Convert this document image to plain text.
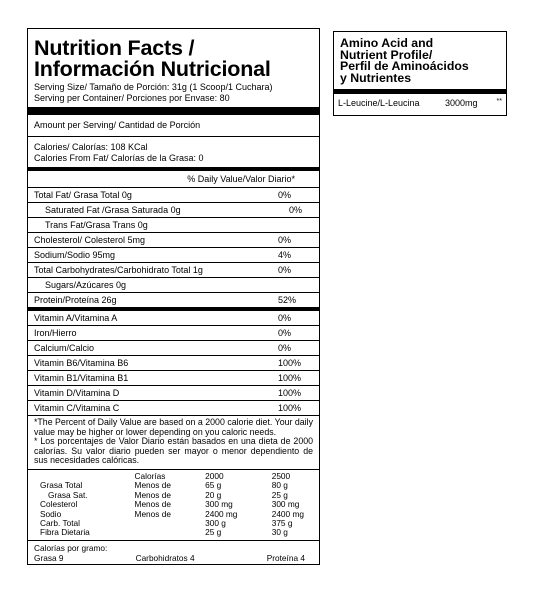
Nutrition Facts /
Información Nutricional
Serving Size/ Tamaño de Porción: 31g (1 Scoop/1 Cuchara)
Serving per Container/ Porciones por Envase: 80
Amount per Serving/ Cantidad de Porción
Calories/ Calorías: 108 KCal
Calories From Fat/ Calorías de la Grasa: 0
% Daily Value/Valor Diario*
Total Fat/ Grasa Total 0g	0%
Saturated Fat /Grasa Saturada 0g	0%
Trans Fat/Grasa Trans 0g
Cholesterol/ Colesterol 5mg	0%
Sodium/Sodio 95mg	4%
Total Carbohydrates/Carbohidrato Total 1g	0%
Sugars/Azúcares 0g
Protein/Proteína 26g	52%
Vitamin A/Vitamina A	0%
Iron/Hierro	0%
Calcium/Calcio	0%
Vitamin B6/Vitamina B6	100%
Vitamin B1/Vitamina B1	100%
Vitamin D/Vitamina D	100%
Vitamin C/Vitamina C	100%

*The Percent of Daily Value are based on a 2000 calorie diet. Your daily value may be higher or lower depending on you caloric needs.

* Los porcentajes de Valor Diario están basados en una dieta de 2000 calorías. Su valor diario pueden ser mayor o menor dependiento de sus necesidades calóricas.

	Calorías	2000	2500
Grasa Total	Menos de	65 g	80 g
Grasa Sat.	Menos de	20 g	25 g
Colesterol	Menos de	300 mg	300 mg
Sodio	Menos de	2400 mg	2400 mg
Carb. Total		300 g	375 g
Fibra Dietaria		25 g	30 g
Calorías por gramo:
Grasa 9	Carbohidratos 4	Proteína 4
Amino Acid and
Nutrient Profile/
Perfil de Aminoácidos
y Nutrientes
L-Leucine/L-Leucina	3000mg	**
